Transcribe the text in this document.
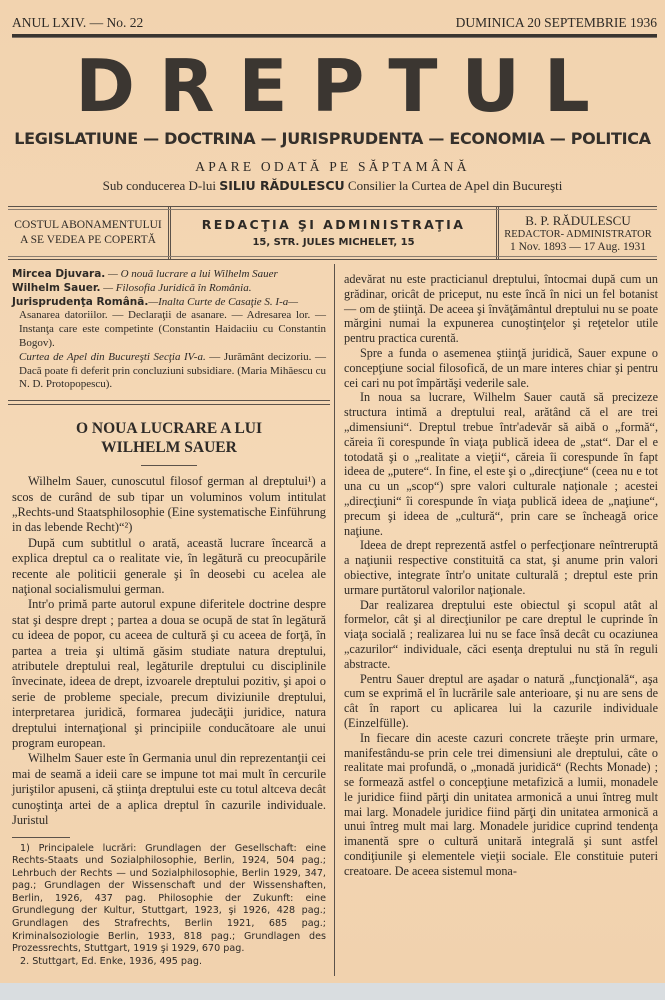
ANUL LXIV. — No. 22	DUMINICA 20 SEPTEMBRIE 1936
DREPTUL
LEGISLATIUNE — DOCTRINA — JURISPRUDENTA — ECONOMIA — POLITICA
APARE ODATĂ PE SĂPTAMÂNĂ
Sub conducerea D-lui SILIU RĂDULESCU Consilier la Curtea de Apel din Bucureşti
COSTUL ABONAMENTULUI
A SE VEDEA PE COPERTĂ
REDACŢIA ŞI ADMINISTRAŢIA
15, STR. JULES MICHELET, 15
B. P. RĂDULESCU
REDACTOR- ADMINISTRATOR
1 Nov. 1893 — 17 Aug. 1931

Mircea Djuvara. — O nouă lucrare a lui Wilhelm Sauer

Wilhelm Sauer. — Filosofia Juridică în România.

Jurisprudenţa Română.—Inalta Curte de Casaţie S. I-a—

Asanarea datoriilor. — Declaraţii de asanare. — Adresarea lor. — Instanţa care este competinte (Constantin Haidaciiu cu Constantin Bogov).

Curtea de Apel din Bucureşti Secţia IV-a. — Jurământ decizoriu. — Dacă poate fi deferit prin concluziuni subsidiare. (Maria Mihăescu cu N. D. Protopopescu).

O NOUA LUCRARE A LUI
WILHELM SAUER

Wilhelm Sauer, cunoscutul filosof german al dreptului¹) a scos de curând de sub tipar un voluminos volum intitulat „Rechts-und Staatsphilosophie (Eine systematische Einführung in das lebende Recht)“²)

După cum subtitlul o arată, această lucrare încearcă a explica dreptul ca o realitate vie, în legătură cu preocupările recente ale politicii generale şi în deosebi cu acelea ale naţional socialismului german.

Intr'o primă parte autorul expune diferitele doctrine despre stat şi despre drept ; partea a doua se ocupă de stat în legătură cu ideea de popor, cu aceea de cultură şi cu aceea de forţă, în partea a treia şi ultimă găsim studiate natura dreptului, atributele dreptului real, legăturile dreptului cu disciplinile învecinate, ideea de drept, izvoarele dreptului pozitiv, şi apoi o serie de probleme speciale, precum diviziunile dreptului, interpretarea juridică, formarea judecăţii juridice, natura dreptului internaţional şi principiile conducătoare ale unui program european.

Wilhelm Sauer este în Germania unul din reprezentanţii cei mai de seamă a ideii care se impune tot mai mult în cercurile juriştilor apuseni, că ştiinţa dreptului este cu totul altceva decât cunoştinţa artei de a aplica dreptul în cazurile individuale. Juristul

1) Principalele lucrări: Grundlagen der Gesellschaft: eine Rechts-Staats und Sozialphilosophie, Berlin, 1924, 504 pag.; Lehrbuch der Rechts — und Sozialphilosophie, Berlin 1929, 347, pag.; Grundlagen der Wissenschaft und der Wissenshaften, Berlin, 1926, 437 pag. Philosophie der Zukunft: eine Grundlegung der Kultur, Stuttgart, 1923, şi 1926, 428 pag.; Grundlagen des Strafrechts, Berlin 1921, 685 pag.; Kriminalsoziologie Berlin, 1933, 818 pag.; Grundlagen des Prozessrechts, Stuttgart, 1919 şi 1929, 670 pag.

2. Stuttgart, Ed. Enke, 1936, 495 pag.

adevărat nu este practicianul dreptului, întocmai după cum un grădinar, oricât de priceput, nu este încă în nici un fel botanist — om de ştiinţă. De aceea şi învăţământul dreptului nu se poate mărgini numai la expunerea cunoştinţelor şi reţetelor utile pentru practica curentă.

Spre a funda o asemenea ştiinţă juridică, Sauer expune o concepţiune social filosofică, de un mare interes chiar şi pentru cei cari nu pot împărtăşi vederile sale.

In noua sa lucrare, Wilhelm Sauer caută să precizeze structura intimă a dreptului real, arătând că el are trei „dimensiuni“. Dreptul trebue într'adevăr să aibă o „formă“, căreia îi corespunde în viaţa publică ideea de „stat“. Dar el e totodată şi o „realitate a vieţii“, căreia îi corespunde în fapt ideea de „putere“. In fine, el este şi o „direcţiune“ (ceea nu e tot una cu un „scop“) spre valori culturale naţionale ; acestei „direcţiuni“ îi corespunde în viaţa publică ideea de „naţiune“, precum şi ideea de „cultură“, prin care se încheagă orice naţiune.

Ideea de drept reprezentă astfel o perfecţionare neîntreruptă a naţiunii respective constituită ca stat, şi anume prin valori obiective, integrate într'o unitate culturală ; dreptul este prin urmare purtătorul valorilor naţionale.

Dar realizarea dreptului este obiectul şi scopul atât al formelor, cât şi al direcţiunilor pe care dreptul le cuprinde în viaţa socială ; realizarea lui nu se face însă decât cu ocaziunea „cazurilor“ individuale, căci esenţa dreptului nu stă în reguli abstracte.

Pentru Sauer dreptul are aşadar o natură „funcţională“, aşa cum se exprimă el în lucrările sale anterioare, şi nu are sens de cât în raport cu aplicarea lui la cazurile individuale (Einzelfülle).

In fiecare din aceste cazuri concrete trăeşte prin urmare, manifestându-se prin cele trei dimensiuni ale dreptului, câte o realitate mai profundă, o „monadă juridică“ (Rechts Monade) ; se formează astfel o concepţiune metafizică a lumii, monadele le juridice fiind părţi din unitatea armonică a unui întreg mult mai larg. Monadele juridice fiind părţi din unitatea armonică a unui întreg mult mai larg. Monadele juridice cuprind tendenţa imanentă spre o cultură unitară integrală şi sunt astfel condiţiunile şi elementele vieţii sociale. Ele constituie puteri creatoare. De aceea sistemul mona-
